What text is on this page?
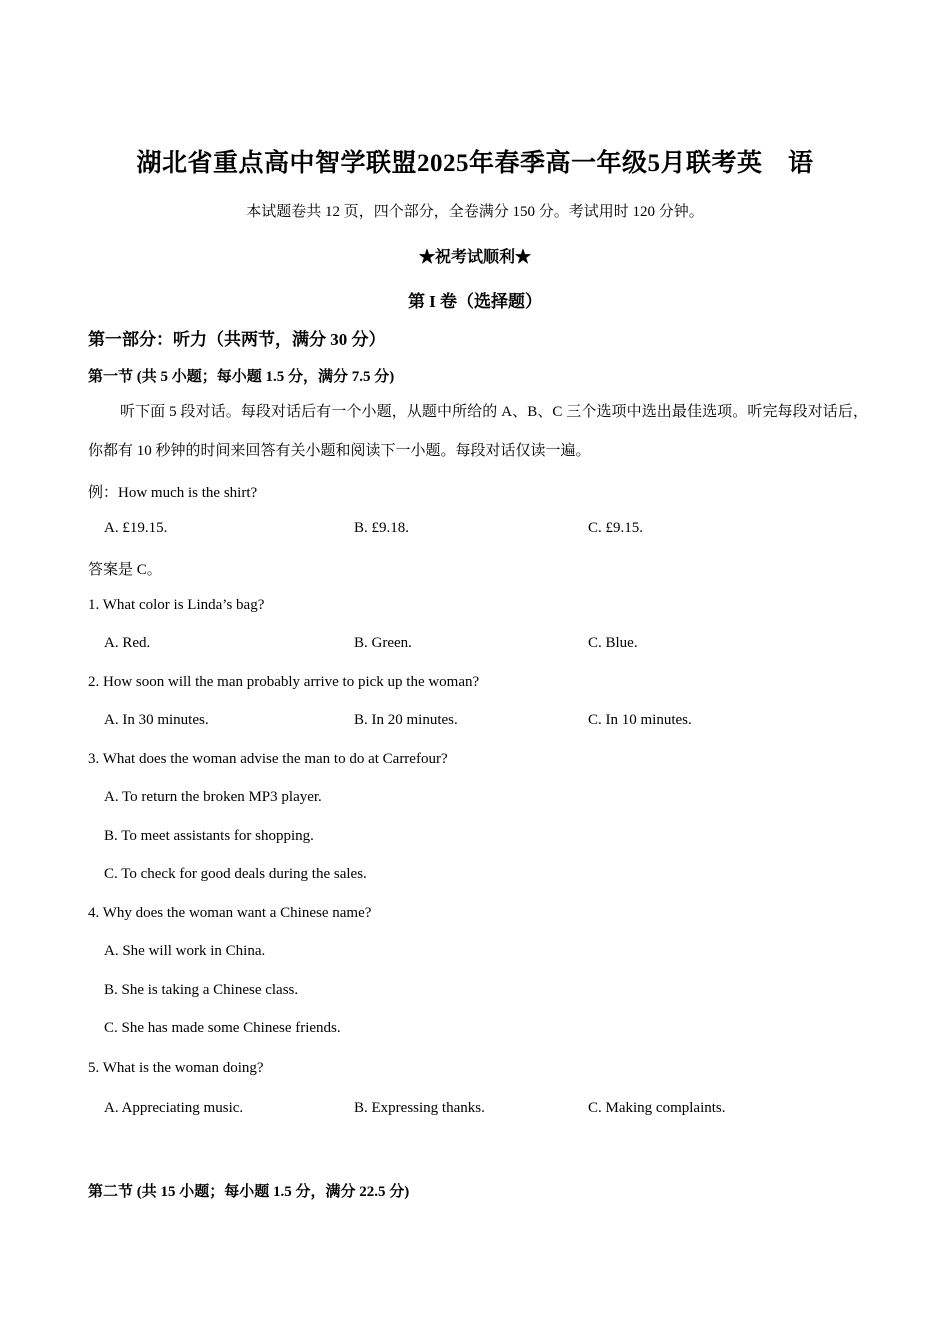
湖北省重点高中智学联盟2025年春季高一年级5月联考英　语
本试题卷共 12 页，四个部分，全卷满分 150 分。考试用时 120 分钟。
★祝考试顺利★
第 I 卷（选择题）
第一部分：听力（共两节，满分 30 分）
第一节 (共 5 小题；每小题 1.5 分，满分 7.5 分)
听下面 5 段对话。每段对话后有一个小题，从题中所给的 A、B、C 三个选项中选出最佳选项。听完每段对话后，你都有 10 秒钟的时间来回答有关小题和阅读下一小题。每段对话仅读一遍。
例：How much is the shirt?
A. £19.15.	B. £9.18.	C. £9.15.
答案是 C。
1. What color is Linda’s bag?
A. Red.	B. Green.	C. Blue.
2. How soon will the man probably arrive to pick up the woman?
A. In 30 minutes.	B. In 20 minutes.	C. In 10 minutes.
3. What does the woman advise the man to do at Carrefour?
A. To return the broken MP3 player.
B. To meet assistants for shopping.
C. To check for good deals during the sales.
4. Why does the woman want a Chinese name?
A. She will work in China.
B. She is taking a Chinese class.
C. She has made some Chinese friends.
5. What is the woman doing?
A. Appreciating music.	B. Expressing thanks.	C. Making complaints.
第二节 (共 15 小题；每小题 1.5 分，满分 22.5 分)
